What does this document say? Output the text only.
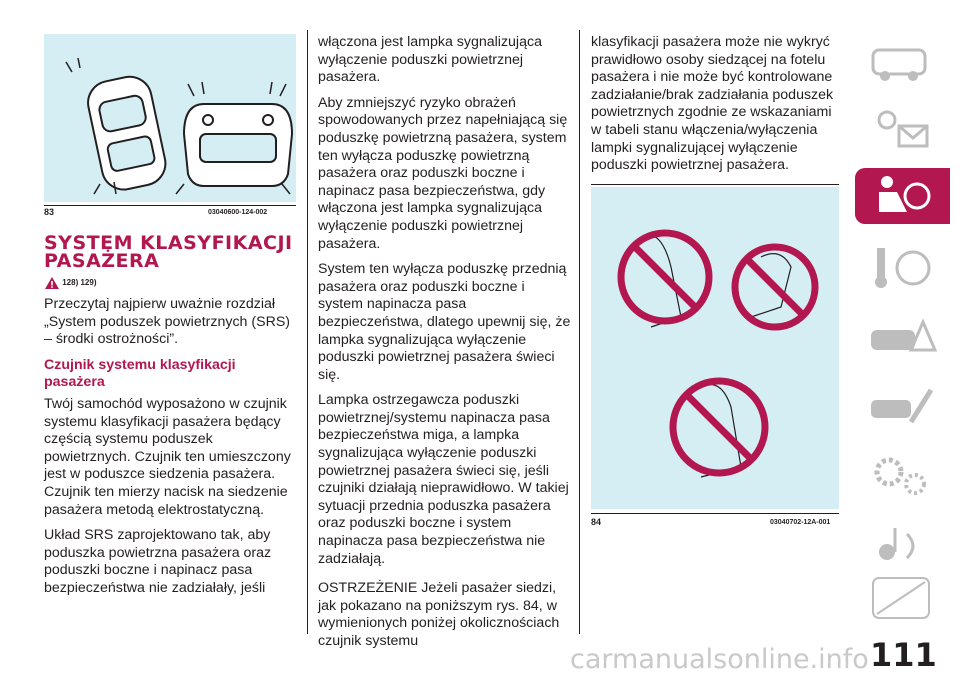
83	03040600-124-002
SYSTEM KLASYFIKACJI PASAŻERA
128) 129)

Przeczytaj najpierw uważnie rozdział „System poduszek powietrznych (SRS) – środki ostrożności”.

Czujnik systemu klasyfikacji pasażera

Twój samochód wyposażono w czujnik systemu klasyfikacji pasażera będący częścią systemu poduszek powietrznych. Czujnik ten umieszczony jest w poduszce siedzenia pasażera. Czujnik ten mierzy nacisk na siedzenie pasażera metodą elektrostatyczną.

Układ SRS zaprojektowano tak, aby poduszka powietrzna pasażera oraz poduszki boczne i napinacz pasa bezpieczeństwa nie zadziałały, jeśli

włączona jest lampka sygnalizująca wyłączenie poduszki powietrznej pasażera.

Aby zmniejszyć ryzyko obrażeń spowodowanych przez napełniającą się poduszkę powietrzną pasażera, system ten wyłącza poduszkę powietrzną pasażera oraz poduszki boczne i napinacz pasa bezpieczeństwa, gdy włączona jest lampka sygnalizująca wyłączenie poduszki powietrznej pasażera.

System ten wyłącza poduszkę przednią pasażera oraz poduszki boczne i system napinacza pasa bezpieczeństwa, dlatego upewnij się, że lampka sygnalizująca wyłączenie poduszki powietrznej pasażera świeci się.

Lampka ostrzegawcza poduszki powietrznej/systemu napinacza pasa bezpieczeństwa miga, a lampka sygnalizująca wyłączenie poduszki powietrznej pasażera świeci się, jeśli czujniki działają nieprawidłowo. W takiej sytuacji przednia poduszka pasażera oraz poduszki boczne i system napinacza pasa bezpieczeństwa nie zadziałają.

OSTRZEŻENIE Jeżeli pasażer siedzi, jak pokazano na poniższym rys. 84, w wymienionych poniżej okolicznościach czujnik systemu

klasyfikacji pasażera może nie wykryć prawidłowo osoby siedzącej na fotelu pasażera i nie może być kontrolowane zadziałanie/brak zadziałania poduszek powietrznych zgodnie ze wskazaniami w tabeli stanu włączenia/wyłączenia lampki sygnalizującej wyłączenie poduszki powietrznej pasażera.

84	03040702-12A-001
111
carmanualsonline.info
